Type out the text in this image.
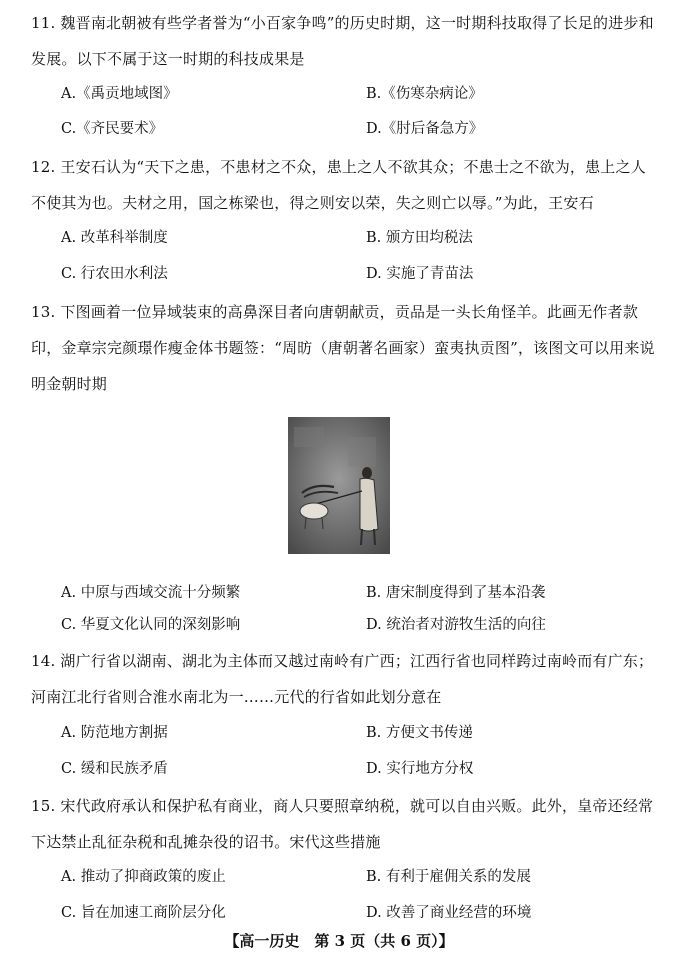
11. 魏晋南北朝被有些学者誉为“小百家争鸣”的历史时期，这一时期科技取得了长足的进步和发展。以下不属于这一时期的科技成果是
A.《禹贡地域图》	B.《伤寒杂病论》
C.《齐民要术》	D.《肘后备急方》
12. 王安石认为“天下之患，不患材之不众，患上之人不欲其众；不患士之不欲为，患上之人不使其为也。夫材之用，国之栋梁也，得之则安以荣，失之则亡以辱。”为此，王安石
A. 改革科举制度	B. 颁方田均税法
C. 行农田水利法	D. 实施了青苗法
13. 下图画着一位异域装束的高鼻深目者向唐朝献贡，贡品是一头长角怪羊。此画无作者款印，金章宗完颜璟作瘦金体书题签：“周昉（唐朝著名画家）蛮夷执贡图”，该图文可以用来说明金朝时期
A. 中原与西域交流十分频繁	B. 唐宋制度得到了基本沿袭
C. 华夏文化认同的深刻影响	D. 统治者对游牧生活的向往
14. 湖广行省以湖南、湖北为主体而又越过南岭有广西；江西行省也同样跨过南岭而有广东；河南江北行省则合淮水南北为一……元代的行省如此划分意在
A. 防范地方割据	B. 方便文书传递
C. 缓和民族矛盾	D. 实行地方分权
15. 宋代政府承认和保护私有商业，商人只要照章纳税，就可以自由兴贩。此外，皇帝还经常下达禁止乱征杂税和乱摊杂役的诏书。宋代这些措施
A. 推动了抑商政策的废止	B. 有利于雇佣关系的发展
C. 旨在加速工商阶层分化	D. 改善了商业经营的环境
【高一历史　第 3 页（共 6 页）】
